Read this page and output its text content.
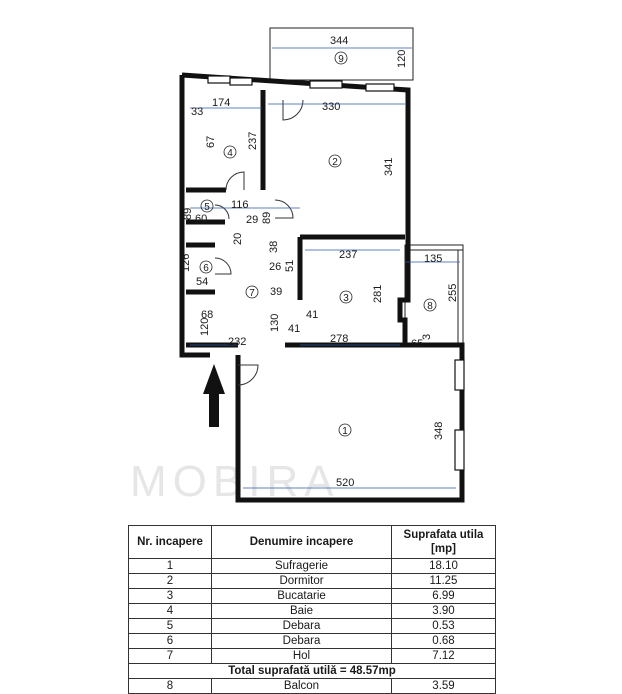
MOBIRA
344
120
174	330
33
67	237
341
116
89 60	29 89
20
38
26 51
237	135
126
54
39	281	255
68	41
130
120	41
278	65
3
232
348
520
1
2
3
4
5
6
7
8
9
Nr. incapere	Denumire incapere	Suprafata utila [mp]
1	Sufragerie	18.10
2	Dormitor	11.25
3	Bucatarie	6.99
4	Baie	3.90
5	Debara	0.53
6	Debara	0.68
7	Hol	7.12
Total suprafată utilă = 48.57mp		
8	Balcon	3.59
